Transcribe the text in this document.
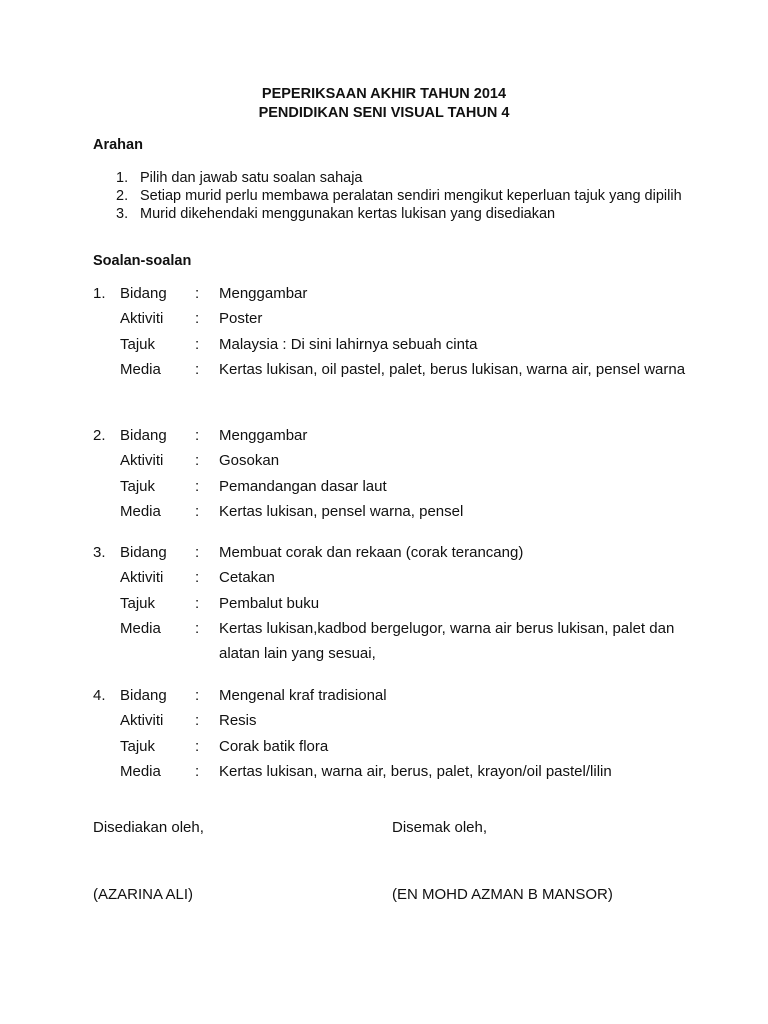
PEPERIKSAAN AKHIR TAHUN 2014
PENDIDIKAN SENI VISUAL TAHUN 4
Arahan
1. Pilih dan jawab satu soalan sahaja
2. Setiap murid perlu membawa peralatan sendiri mengikut keperluan tajuk yang dipilih
3. Murid dikehendaki menggunakan kertas lukisan yang disediakan
Soalan-soalan
1. Bidang : Menggambar
Aktiviti : Poster
Tajuk	: Malaysia : Di sini lahirnya sebuah cinta
Media : Kertas lukisan, oil pastel, palet, berus lukisan, warna air, pensel warna
2. Bidang : Menggambar
Aktiviti : Gosokan
Tajuk	: Pemandangan dasar laut
Media : Kertas lukisan, pensel warna, pensel
3. Bidang : Membuat corak dan rekaan (corak terancang)
Aktiviti : Cetakan
Tajuk	: Pembalut buku
Media : Kertas lukisan,kadbod bergelugor, warna air berus lukisan, palet dan alatan lain yang sesuai,
4. Bidang : Mengenal kraf tradisional
Aktiviti : Resis
Tajuk	: Corak batik flora
Media : Kertas lukisan, warna air, berus, palet, krayon/oil pastel/lilin
Disediakan oleh,	Disemak oleh,
(AZARINA ALI)	(EN MOHD AZMAN B MANSOR)
